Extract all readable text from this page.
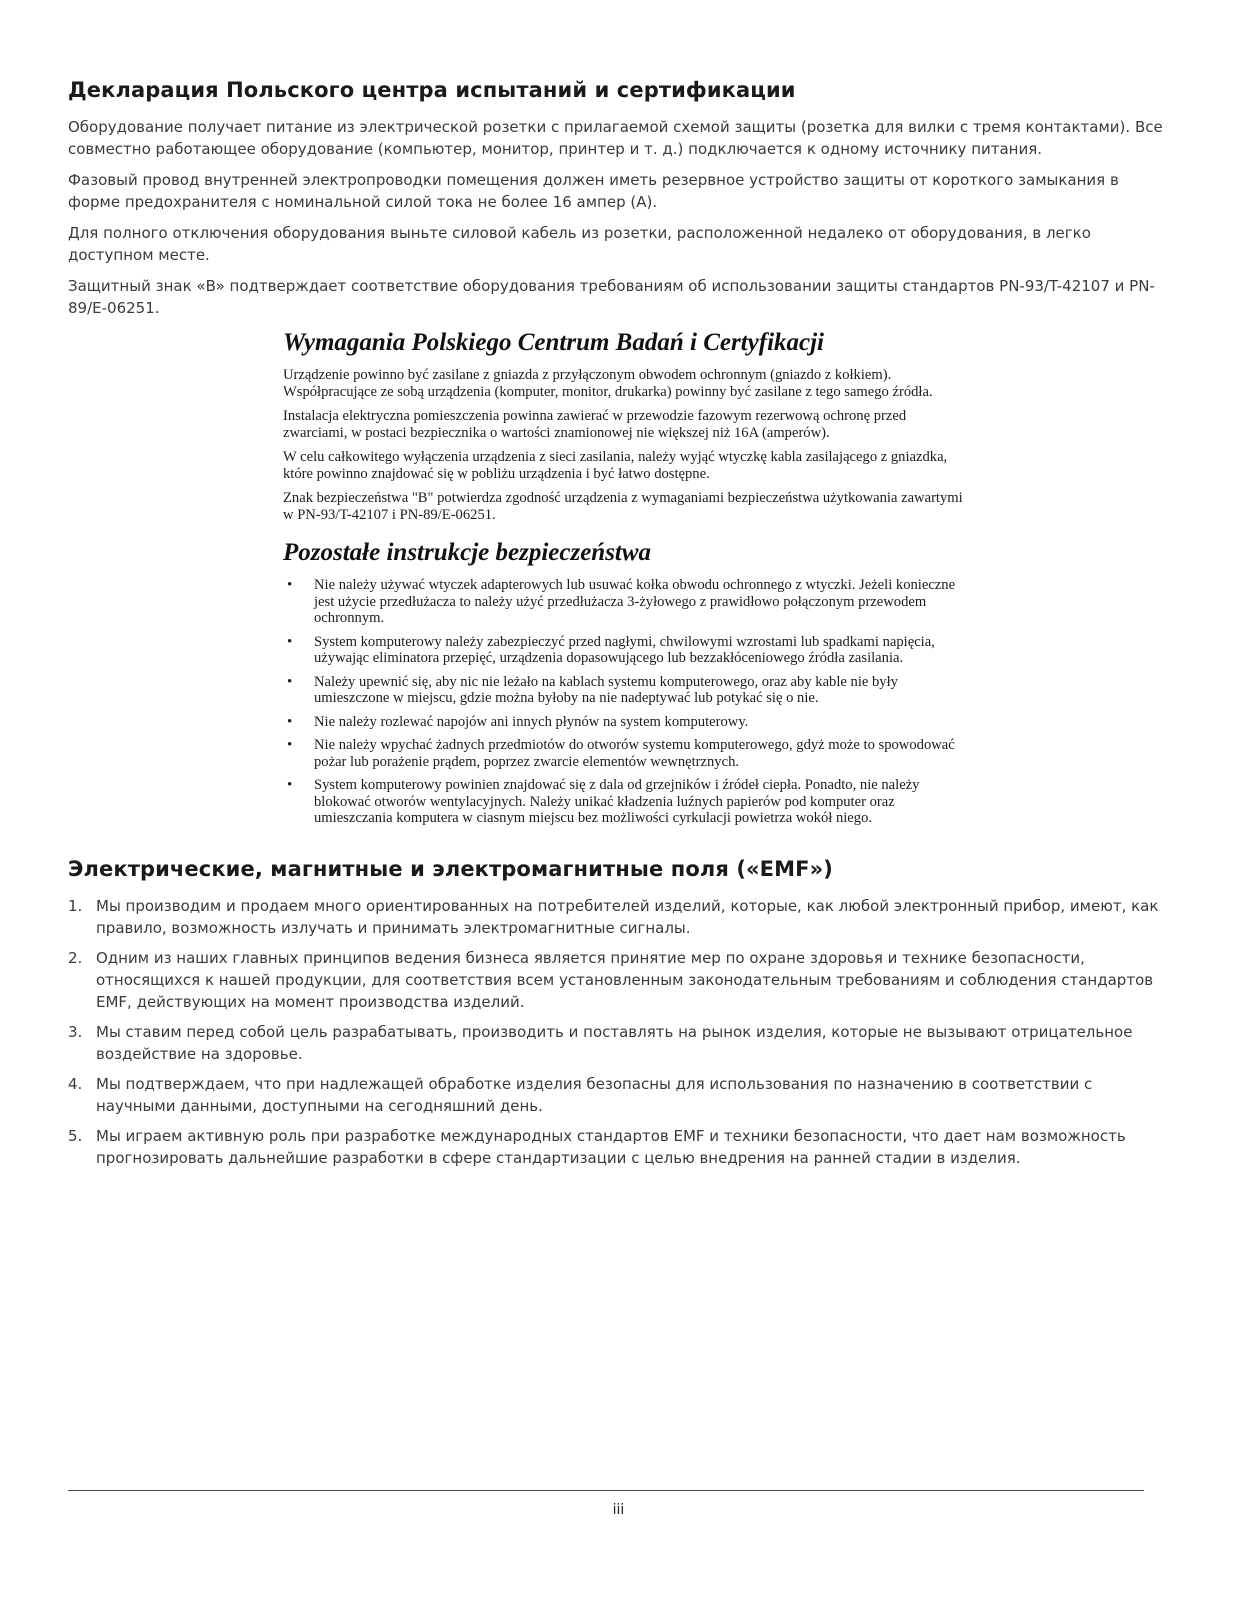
Декларация Польского центра испытаний и сертификации

Оборудование получает питание из электрической розетки с прилагаемой схемой защиты (розетка для вилки с тремя контактами). Все совместно работающее оборудование (компьютер, монитор, принтер и т. д.) подключается к одному источнику питания.

Фазовый провод внутренней электропроводки помещения должен иметь резервное устройство защиты от короткого замыкания в форме предохранителя с номинальной силой тока не более 16 ампер (A).

Для полного отключения оборудования выньте силовой кабель из розетки, расположенной недалеко от оборудования, в легко доступном месте.

Защитный знак «B» подтверждает соответствие оборудования требованиям об использовании защиты стандартов PN-93/T-42107 и PN-89/E-06251.

Wymagania Polskiego Centrum Badań i Certyfikacji

Urządzenie powinno być zasilane z gniazda z przyłączonym obwodem ochronnym (gniazdo z kołkiem). Współpracujące ze sobą urządzenia (komputer, monitor, drukarka) powinny być zasilane z tego samego źródła.

Instalacja elektryczna pomieszczenia powinna zawierać w przewodzie fazowym rezerwową ochronę przed zwarciami, w postaci bezpiecznika o wartości znamionowej nie większej niż 16A (amperów).

W celu całkowitego wyłączenia urządzenia z sieci zasilania, należy wyjąć wtyczkę kabla zasilającego z gniazdka, które powinno znajdować się w pobliżu urządzenia i być łatwo dostępne.

Znak bezpieczeństwa "B" potwierdza zgodność urządzenia z wymaganiami bezpieczeństwa użytkowania zawartymi w PN-93/T-42107 i PN-89/E-06251.

Pozostałe instrukcje bezpieczeństwa
• Nie należy używać wtyczek adapterowych lub usuwać kołka obwodu ochronnego z wtyczki. Jeżeli konieczne jest użycie przedłużacza to należy użyć przedłużacza 3-żyłowego z prawidłowo połączonym przewodem ochronnym.
• System komputerowy należy zabezpieczyć przed nagłymi, chwilowymi wzrostami lub spadkami napięcia, używając eliminatora przepięć, urządzenia dopasowującego lub bezzakłóceniowego źródła zasilania.
• Należy upewnić się, aby nic nie leżało na kablach systemu komputerowego, oraz aby kable nie były umieszczone w miejscu, gdzie można byłoby na nie nadeptywać lub potykać się o nie.
• Nie należy rozlewać napojów ani innych płynów na system komputerowy.
• Nie należy wpychać żadnych przedmiotów do otworów systemu komputerowego, gdyż może to spowodować pożar lub porażenie prądem, poprzez zwarcie elementów wewnętrznych.
• System komputerowy powinien znajdować się z dala od grzejników i źródeł ciepła. Ponadto, nie należy blokować otworów wentylacyjnych. Należy unikać kładzenia luźnych papierów pod komputer oraz umieszczania komputera w ciasnym miejscu bez możliwości cyrkulacji powietrza wokół niego.
Электрические, магнитные и электромагнитные поля («EMF»)
1. Мы производим и продаем много ориентированных на потребителей изделий, которые, как любой электронный прибор, имеют, как правило, возможность излучать и принимать электромагнитные сигналы.
2. Одним из наших главных принципов ведения бизнеса является принятие мер по охране здоровья и технике безопасности, относящихся к нашей продукции, для соответствия всем установленным законодательным требованиям и соблюдения стандартов EMF, действующих на момент производства изделий.
3. Мы ставим перед собой цель разрабатывать, производить и поставлять на рынок изделия, которые не вызывают отрицательное воздействие на здоровье.
4. Мы подтверждаем, что при надлежащей обработке изделия безопасны для использования по назначению в соответствии с научными данными, доступными на сегодняшний день.
5. Мы играем активную роль при разработке международных стандартов EMF и техники безопасности, что дает нам возможность прогнозировать дальнейшие разработки в сфере стандартизации с целью внедрения на ранней стадии в изделия.
iii
